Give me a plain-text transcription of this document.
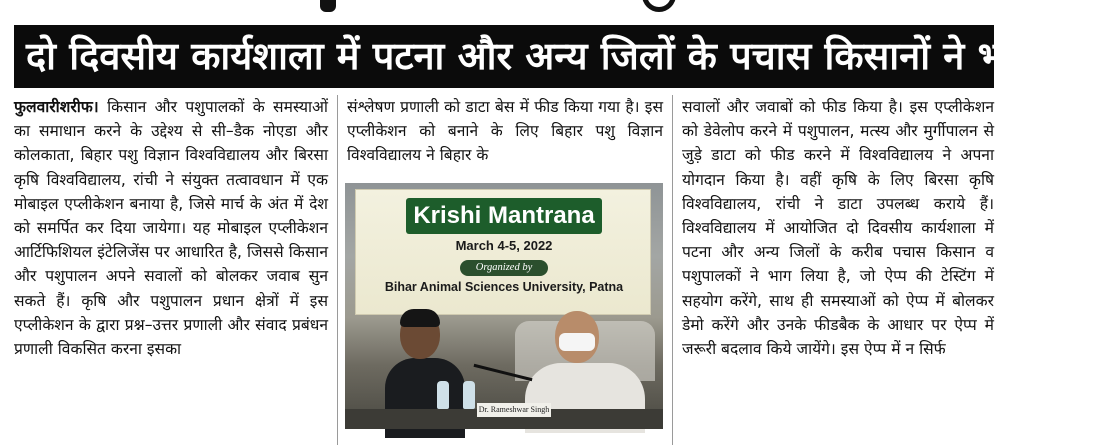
दो दिवसीय कार्यशाला में पटना और अन्य जिलों के पचास किसानों ने भाग लिया
फुलवारीशरीफ। किसान और पशुपालकों के समस्याओं का समाधान करने के उद्देश्य से सी–डैक नोएडा और कोलकाता, बिहार पशु विज्ञान विश्वविद्यालय और बिरसा कृषि विश्वविद्यालय, रांची ने संयुक्त तत्वावधान में एक मोबाइल एप्लीकेशन बनाया है, जिसे मार्च के अंत में देश को समर्पित कर दिया जायेगा। यह मोबाइल एप्लीकेशन आर्टिफिशियल इंटेलिजेंस पर आधारित है, जिससे किसान और पशुपालन अपने सवालों को बोलकर जवाब सुन सकते हैं। कृषि और पशुपालन प्रधान क्षेत्रों में इस एप्लीकेशन के द्वारा प्रश्न–उत्तर प्रणाली और संवाद प्रबंधन प्रणाली विकसित करना इसका
संश्लेषण प्रणाली को डाटा बेस में फीड किया गया है। इस एप्लीकेशन को बनाने के लिए बिहार पशु विज्ञान विश्वविद्यालय ने बिहार के
Krishi Mantrana
March 4-5, 2022
Organized by
Bihar Animal Sciences University, Patna
Dr. Rameshwar Singh
सवालों और जवाबों को फीड किया है। इस एप्लीकेशन को डेवेलोप करने में पशुपालन, मत्स्य और मुर्गीपालन से जुड़े डाटा को फीड करने में विश्वविद्यालय ने अपना योगदान किया है। वहीं कृषि के लिए बिरसा कृषि विश्वविद्यालय, रांची ने डाटा उपलब्ध कराये हैं। विश्वविद्यालय में आयोजित दो दिवसीय कार्यशाला में पटना और अन्य जिलों के करीब पचास किसान व पशुपालकों ने भाग लिया है, जो ऐप्प की टेस्टिंग में सहयोग करेंगे, साथ ही समस्याओं को ऐप्प में बोलकर डेमो करेंगे और उनके फीडबैक के आधार पर ऐप्प में जरूरी बदलाव किये जायेंगे। इस ऐप्प में न सिर्फ
